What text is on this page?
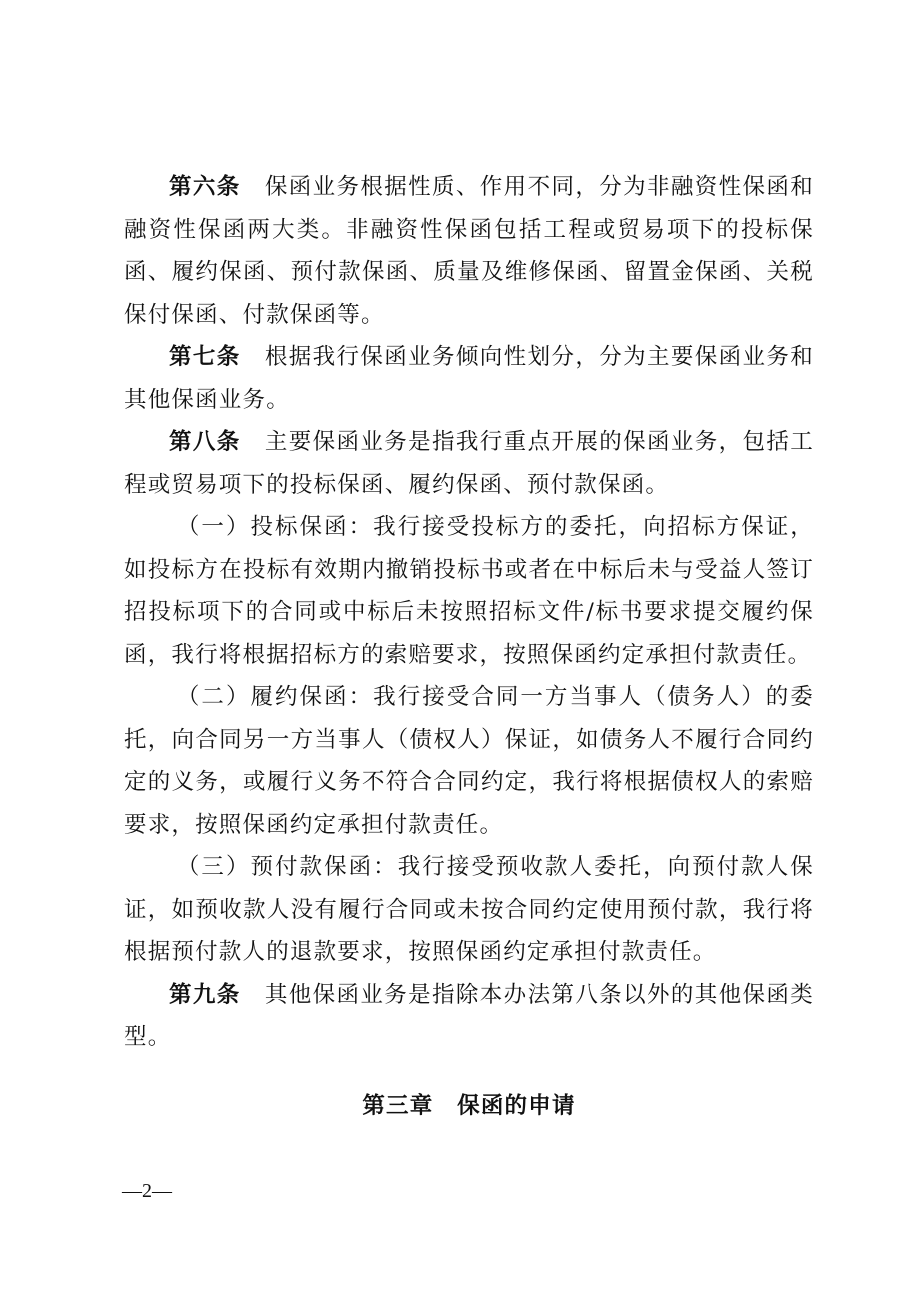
第六条 保函业务根据性质、作用不同，分为非融资性保函和融资性保函两大类。非融资性保函包括工程或贸易项下的投标保函、履约保函、预付款保函、质量及维修保函、留置金保函、关税保付保函、付款保函等。

第七条 根据我行保函业务倾向性划分，分为主要保函业务和其他保函业务。

第八条 主要保函业务是指我行重点开展的保函业务，包括工程或贸易项下的投标保函、履约保函、预付款保函。

（一）投标保函：我行接受投标方的委托，向招标方保证，如投标方在投标有效期内撤销投标书或者在中标后未与受益人签订招投标项下的合同或中标后未按照招标文件/标书要求提交履约保函，我行将根据招标方的索赔要求，按照保函约定承担付款责任。

（二）履约保函：我行接受合同一方当事人（债务人）的委托，向合同另一方当事人（债权人）保证，如债务人不履行合同约定的义务，或履行义务不符合合同约定，我行将根据债权人的索赔要求，按照保函约定承担付款责任。

（三）预付款保函：我行接受预收款人委托，向预付款人保证，如预收款人没有履行合同或未按合同约定使用预付款，我行将根据预付款人的退款要求，按照保函约定承担付款责任。

第九条 其他保函业务是指除本办法第八条以外的其他保函类型。

第三章　保函的申请

—2—
